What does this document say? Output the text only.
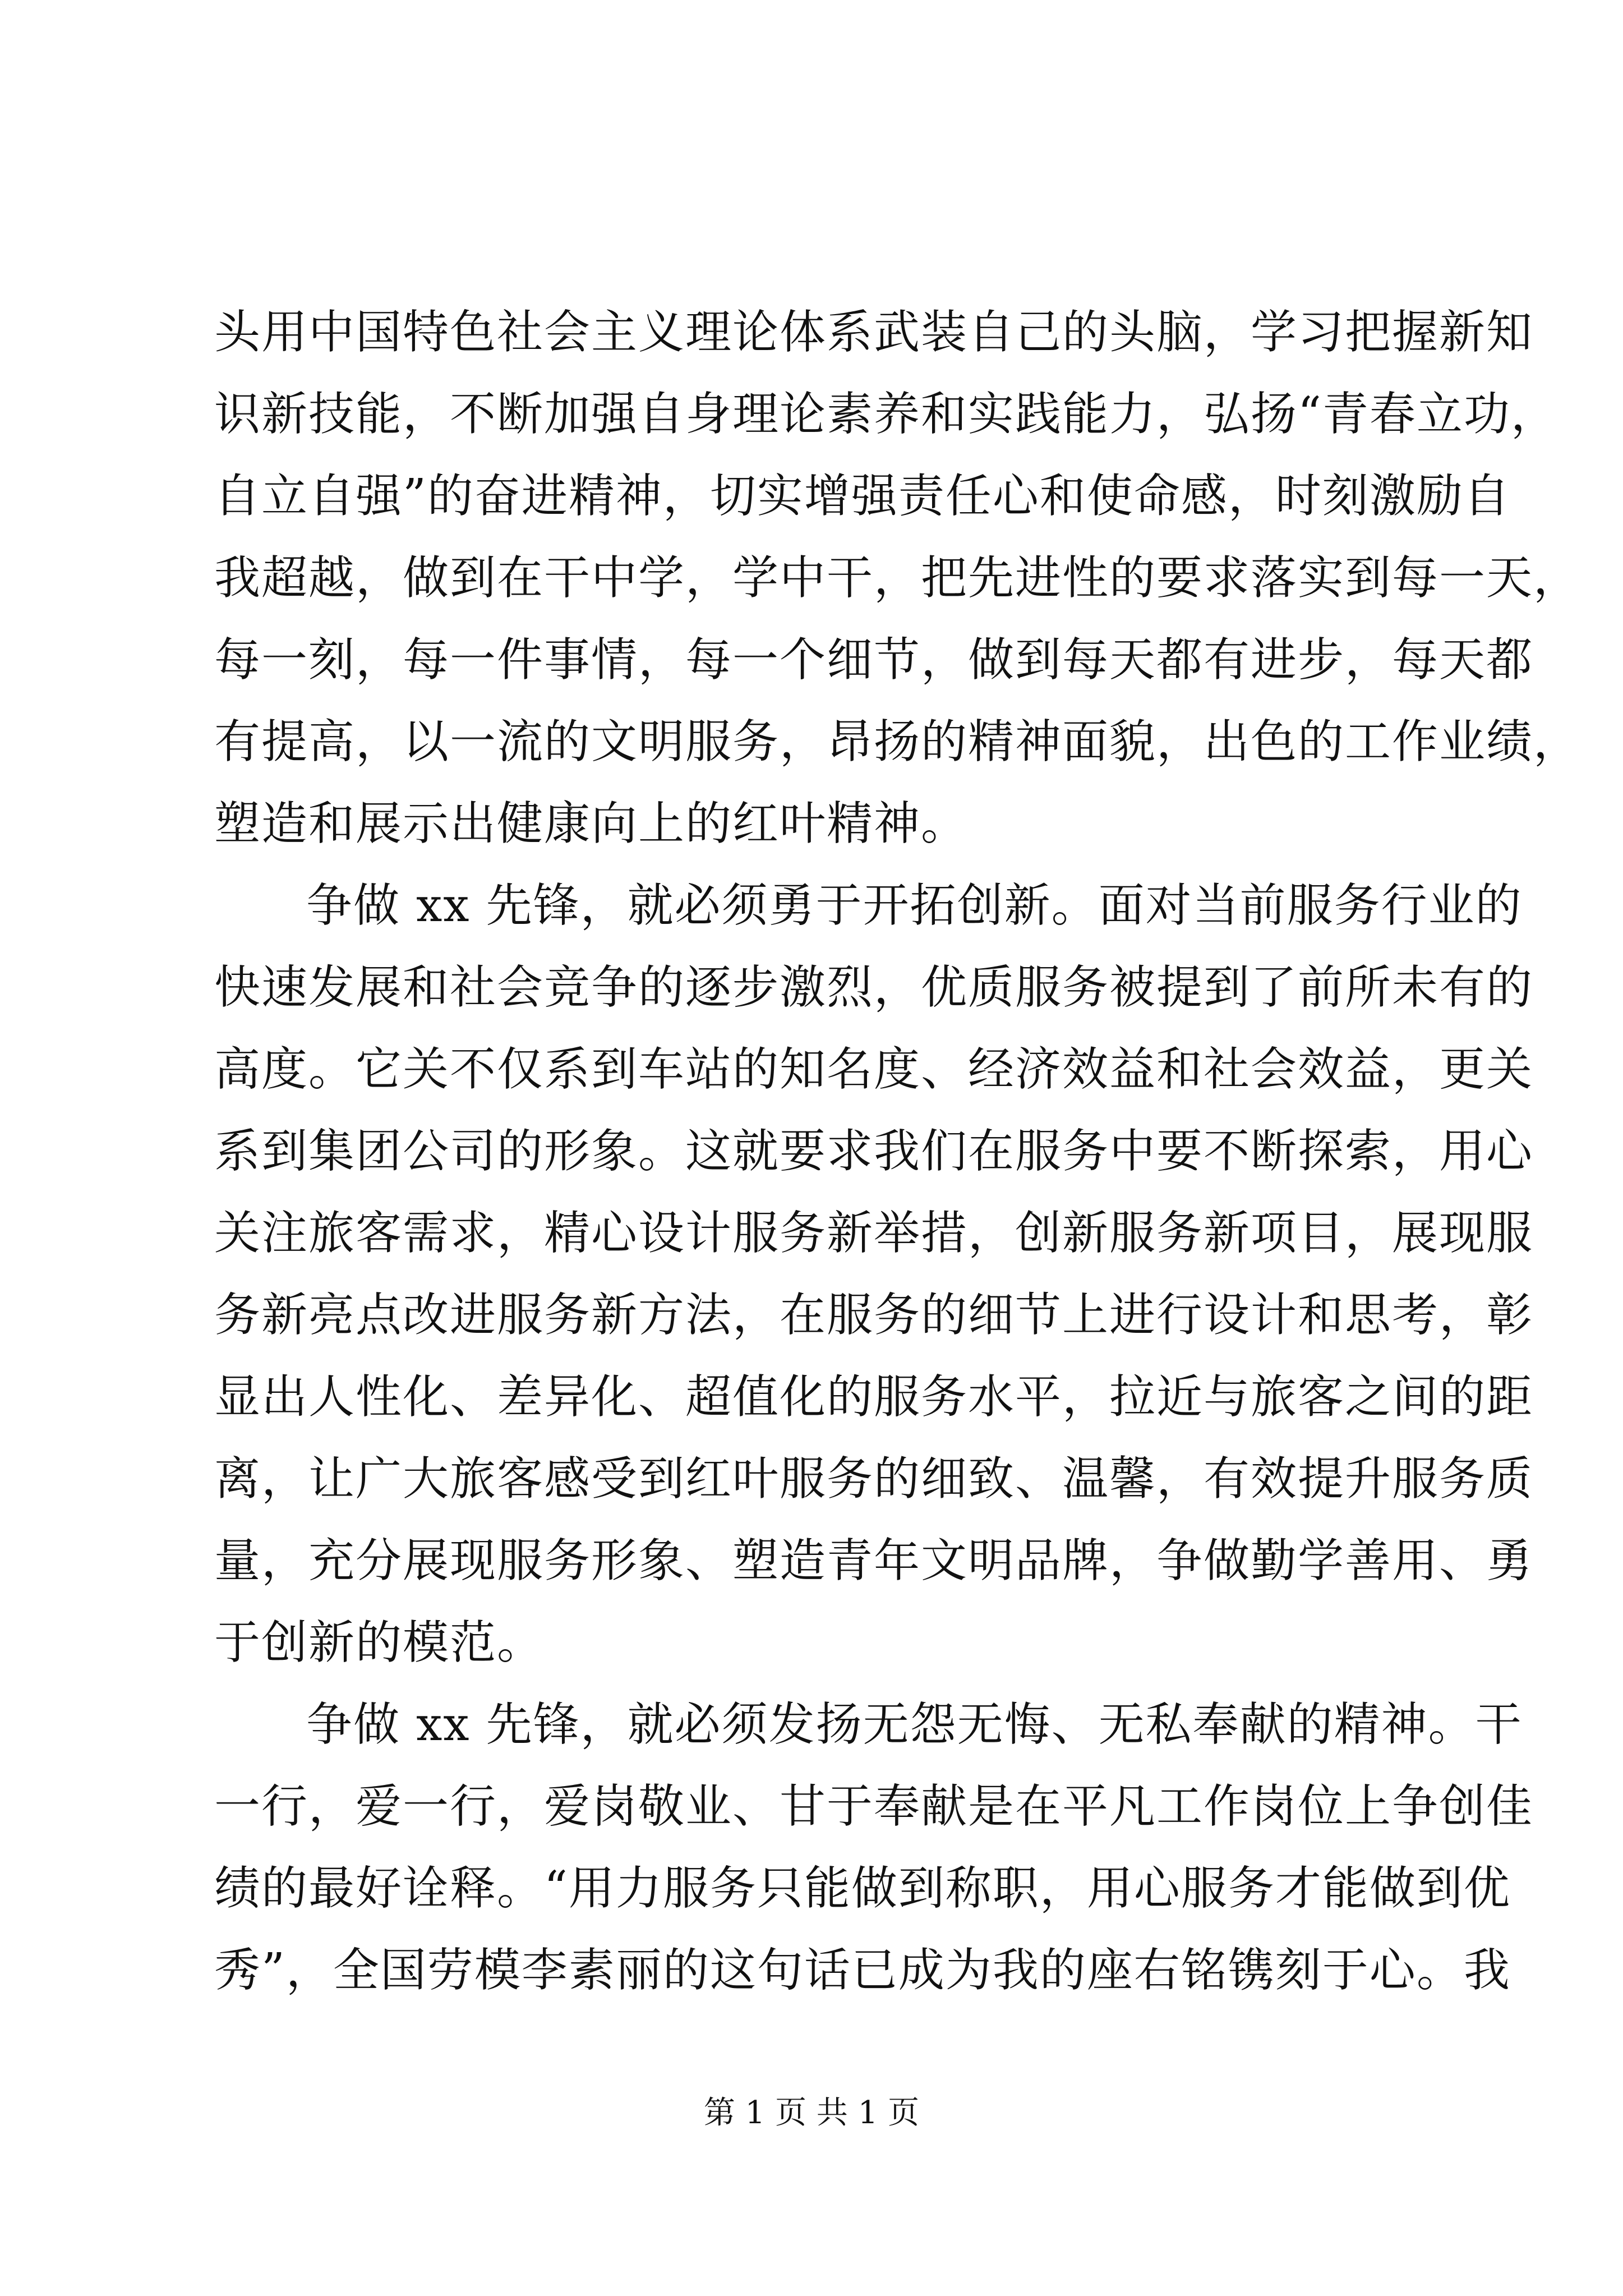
头用中国特色社会主义理论体系武装自己的头脑，学习把握新知
识新技能，不断加强自身理论素养和实践能力，弘扬“青春立功，
自立自强”的奋进精神，切实增强责任心和使命感，时刻激励自
我超越，做到在干中学，学中干，把先进性的要求落实到每一天，
每一刻，每一件事情，每一个细节，做到每天都有进步，每天都
有提高，以一流的文明服务，昂扬的精神面貌，出色的工作业绩，
塑造和展示出健康向上的红叶精神。
争做 xx 先锋，就必须勇于开拓创新。面对当前服务行业的
快速发展和社会竞争的逐步激烈，优质服务被提到了前所未有的
高度。它关不仅系到车站的知名度、经济效益和社会效益，更关
系到集团公司的形象。这就要求我们在服务中要不断探索，用心
关注旅客需求，精心设计服务新举措，创新服务新项目，展现服
务新亮点改进服务新方法，在服务的细节上进行设计和思考，彰
显出人性化、差异化、超值化的服务水平，拉近与旅客之间的距
离，让广大旅客感受到红叶服务的细致、温馨，有效提升服务质
量，充分展现服务形象、塑造青年文明品牌，争做勤学善用、勇
于创新的模范。
争做 xx 先锋，就必须发扬无怨无悔、无私奉献的精神。干
一行，爱一行，爱岗敬业、甘于奉献是在平凡工作岗位上争创佳
绩的最好诠释。“用力服务只能做到称职，用心服务才能做到优
秀”，全国劳模李素丽的这句话已成为我的座右铭镌刻于心。我
第 1 页 共 1 页
